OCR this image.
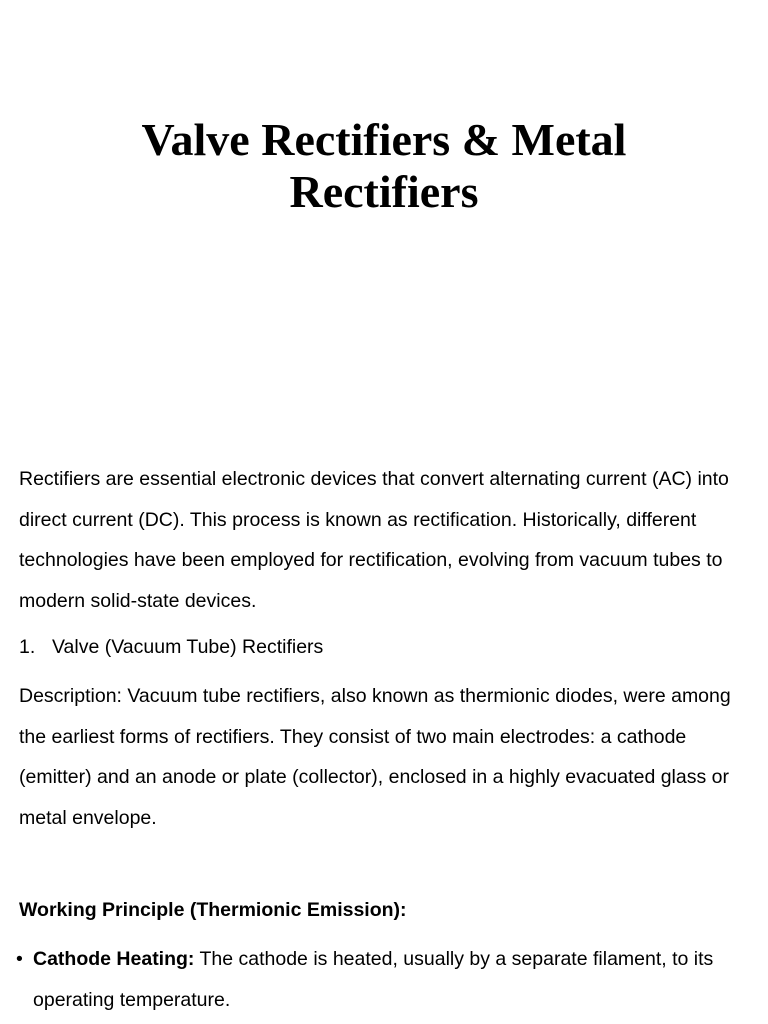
Valve Rectifiers & Metal Rectifiers

Rectifiers are essential electronic devices that convert alternating current (AC) into direct current (DC). This process is known as rectification. Historically, different technologies have been employed for rectification, evolving from vacuum tubes to modern solid-state devices.

1. Valve (Vacuum Tube) Rectifiers

Description: Vacuum tube rectifiers, also known as thermionic diodes, were among the earliest forms of rectifiers. They consist of two main electrodes: a cathode (emitter) and an anode or plate (collector), enclosed in a highly evacuated glass or metal envelope.

Working Principle (Thermionic Emission):

• Cathode Heating: The cathode is heated, usually by a separate filament, to its operating temperature.
